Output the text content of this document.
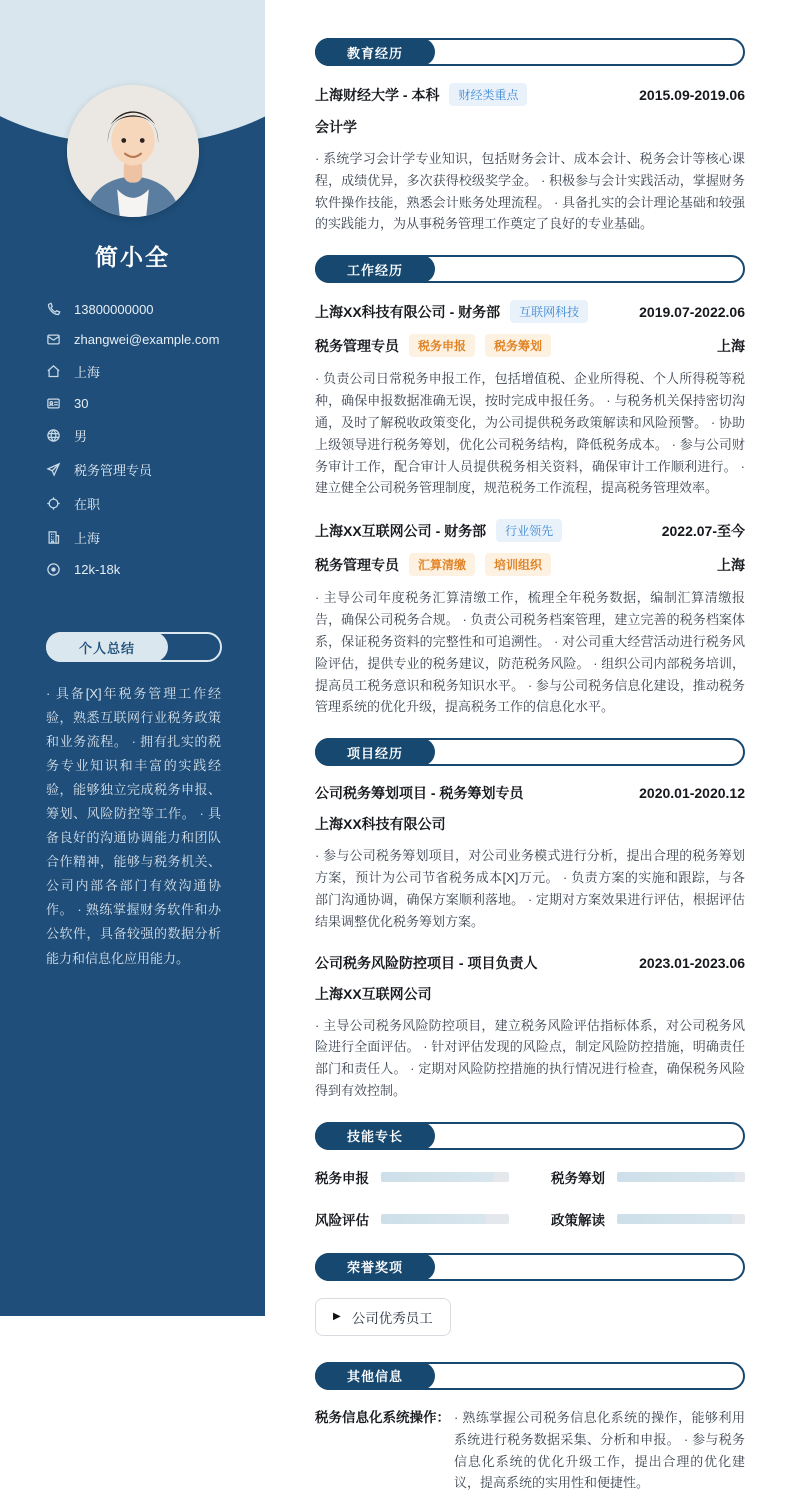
简小全
13800000000
zhangwei@example.com
上海
30
男
税务管理专员
在职
上海
12k-18k
个人总结
· 具备[X]年税务管理工作经验，熟悉互联网行业税务政策和业务流程。 · 拥有扎实的税务专业知识和丰富的实践经验，能够独立完成税务申报、筹划、风险防控等工作。 · 具备良好的沟通协调能力和团队合作精神，能够与税务机关、公司内部各部门有效沟通协作。 · 熟练掌握财务软件和办公软件，具备较强的数据分析能力和信息化应用能力。
教育经历
上海财经大学 - 本科	财经类重点	2015.09-2019.06
会计学
· 系统学习会计学专业知识，包括财务会计、成本会计、税务会计等核心课程，成绩优异，多次获得校级奖学金。 · 积极参与会计实践活动，掌握财务软件操作技能，熟悉会计账务处理流程。 · 具备扎实的会计理论基础和较强的实践能力，为从事税务管理工作奠定了良好的专业基础。
工作经历
上海XX科技有限公司 - 财务部	互联网科技	2019.07-2022.06
税务管理专员	税务申报	税务筹划	上海
· 负责公司日常税务申报工作，包括增值税、企业所得税、个人所得税等税种，确保申报数据准确无误，按时完成申报任务。 · 与税务机关保持密切沟通，及时了解税收政策变化，为公司提供税务政策解读和风险预警。 · 协助上级领导进行税务筹划，优化公司税务结构，降低税务成本。 · 参与公司财务审计工作，配合审计人员提供税务相关资料，确保审计工作顺利进行。 · 建立健全公司税务管理制度，规范税务工作流程，提高税务管理效率。
上海XX互联网公司 - 财务部	行业领先	2022.07-至今
税务管理专员	汇算清缴	培训组织	上海
· 主导公司年度税务汇算清缴工作，梳理全年税务数据，编制汇算清缴报告，确保公司税务合规。 · 负责公司税务档案管理，建立完善的税务档案体系，保证税务资料的完整性和可追溯性。 · 对公司重大经营活动进行税务风险评估，提供专业的税务建议，防范税务风险。 · 组织公司内部税务培训，提高员工税务意识和税务知识水平。 · 参与公司税务信息化建设，推动税务管理系统的优化升级，提高税务工作的信息化水平。
项目经历
公司税务筹划项目 - 税务筹划专员	2020.01-2020.12
上海XX科技有限公司
· 参与公司税务筹划项目，对公司业务模式进行分析，提出合理的税务筹划方案，预计为公司节省税务成本[X]万元。 · 负责方案的实施和跟踪，与各部门沟通协调，确保方案顺利落地。 · 定期对方案效果进行评估，根据评估结果调整优化税务筹划方案。
公司税务风险防控项目 - 项目负责人	2023.01-2023.06
上海XX互联网公司
· 主导公司税务风险防控项目，建立税务风险评估指标体系，对公司税务风险进行全面评估。 · 针对评估发现的风险点，制定风险防控措施，明确责任部门和责任人。 · 定期对风险防控措施的执行情况进行检查，确保税务风险得到有效控制。
技能专长
税务申报	税务筹划
风险评估	政策解读
荣誉奖项
▶ 公司优秀员工
其他信息
税务信息化系统操作： · 熟练掌握公司税务信息化系统的操作，能够利用系统进行税务数据采集、分析和申报。 · 参与税务信息化系统的优化升级工作，提出合理的优化建议，提高系统的实用性和便捷性。
